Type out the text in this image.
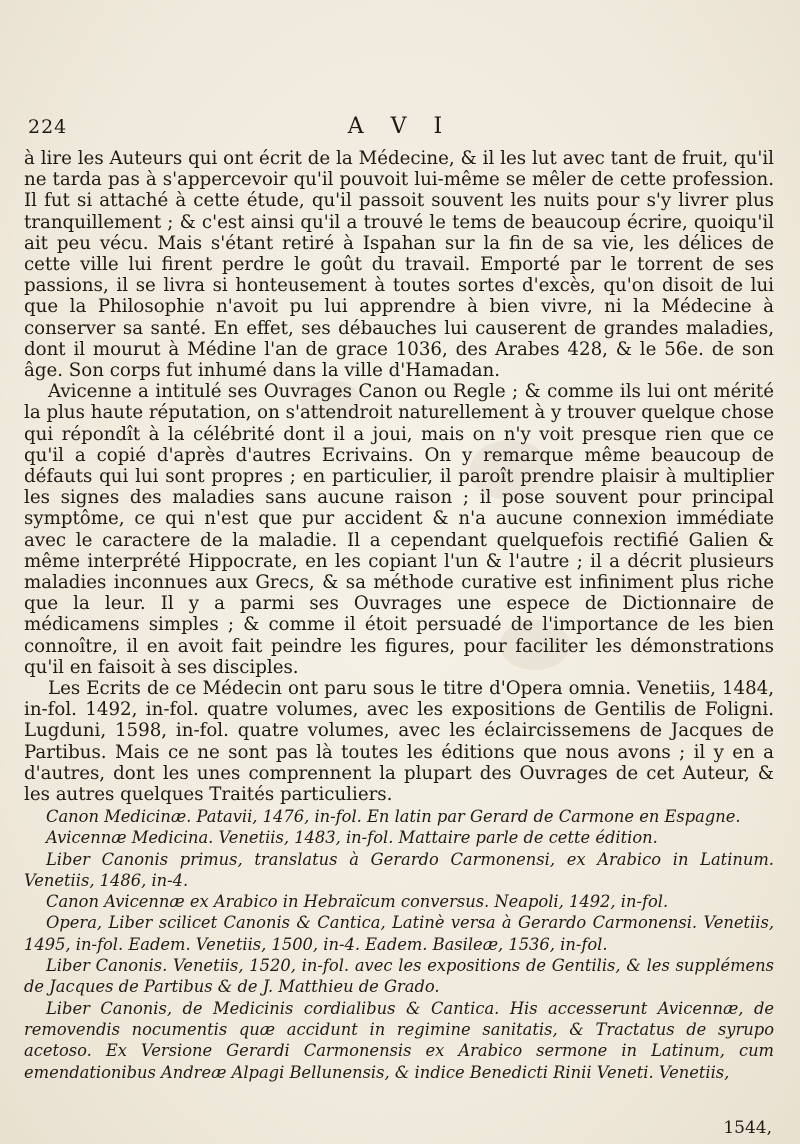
224	A V I

à lire les Auteurs qui ont écrit de la Médecine, & il les lut avec tant de fruit, qu'il ne tarda pas à s'appercevoir qu'il pouvoit lui-même se mêler de cette profession. Il fut si attaché à cette étude, qu'il passoit souvent les nuits pour s'y livrer plus tranquillement ; & c'est ainsi qu'il a trouvé le tems de beaucoup écrire, quoiqu'il ait peu vécu. Mais s'étant retiré à Ispahan sur la fin de sa vie, les délices de cette ville lui firent perdre le goût du travail. Emporté par le torrent de ses passions, il se livra si honteusement à toutes sortes d'excès, qu'on disoit de lui que la Philosophie n'avoit pu lui apprendre à bien vivre, ni la Médecine à conserver sa santé. En effet, ses débauches lui causerent de grandes maladies, dont il mourut à Médine l'an de grace 1036, des Arabes 428, & le 56e. de son âge. Son corps fut inhumé dans la ville d'Hamadan.

Avicenne a intitulé ses Ouvrages Canon ou Regle ; & comme ils lui ont mérité la plus haute réputation, on s'attendroit naturellement à y trouver quelque chose qui répondît à la célébrité dont il a joui, mais on n'y voit presque rien que ce qu'il a copié d'après d'autres Ecrivains. On y remarque même beaucoup de défauts qui lui sont propres ; en particulier, il paroît prendre plaisir à multiplier les signes des maladies sans aucune raison ; il pose souvent pour principal symptôme, ce qui n'est que pur accident & n'a aucune connexion immédiate avec le caractere de la maladie. Il a cependant quelquefois rectifié Galien & même interprété Hippocrate, en les copiant l'un & l'autre ; il a décrit plusieurs maladies inconnues aux Grecs, & sa méthode curative est infiniment plus riche que la leur. Il y a parmi ses Ouvrages une espece de Dictionnaire de médicamens simples ; & comme il étoit persuadé de l'importance de les bien connoître, il en avoit fait peindre les figures, pour faciliter les démonstrations qu'il en faisoit à ses disciples.

Les Ecrits de ce Médecin ont paru sous le titre d'Opera omnia. Venetiis, 1484, in-fol. 1492, in-fol. quatre volumes, avec les expositions de Gentilis de Foligni. Lugduni, 1598, in-fol. quatre volumes, avec les éclaircissemens de Jacques de Partibus. Mais ce ne sont pas là toutes les éditions que nous avons ; il y en a d'autres, dont les unes comprennent la plupart des Ouvrages de cet Auteur, & les autres quelques Traités particuliers.

Canon Medicinæ. Patavii, 1476, in-fol. En latin par Gerard de Carmone en Espagne.

Avicennæ Medicina. Venetiis, 1483, in-fol. Mattaire parle de cette édition.

Liber Canonis primus, translatus à Gerardo Carmonensi, ex Arabico in Latinum. Venetiis, 1486, in-4.

Canon Avicennæ ex Arabico in Hebraïcum conversus. Neapoli, 1492, in-fol.

Opera, Liber scilicet Canonis & Cantica, Latinè versa à Gerardo Carmonensi. Venetiis, 1495, in-fol. Eadem. Venetiis, 1500, in-4. Eadem. Basileæ, 1536, in-fol.

Liber Canonis. Venetiis, 1520, in-fol. avec les expositions de Gentilis, & les supplémens de Jacques de Partibus & de J. Matthieu de Grado.

Liber Canonis, de Medicinis cordialibus & Cantica. His accesserunt Avicennæ, de removendis nocumentis quæ accidunt in regimine sanitatis, & Tractatus de syrupo acetoso. Ex Versione Gerardi Carmonensis ex Arabico sermone in Latinum, cum emendationibus Andreæ Alpagi Bellunensis, & indice Benedicti Rinii Veneti. Venetiis,

1544,
